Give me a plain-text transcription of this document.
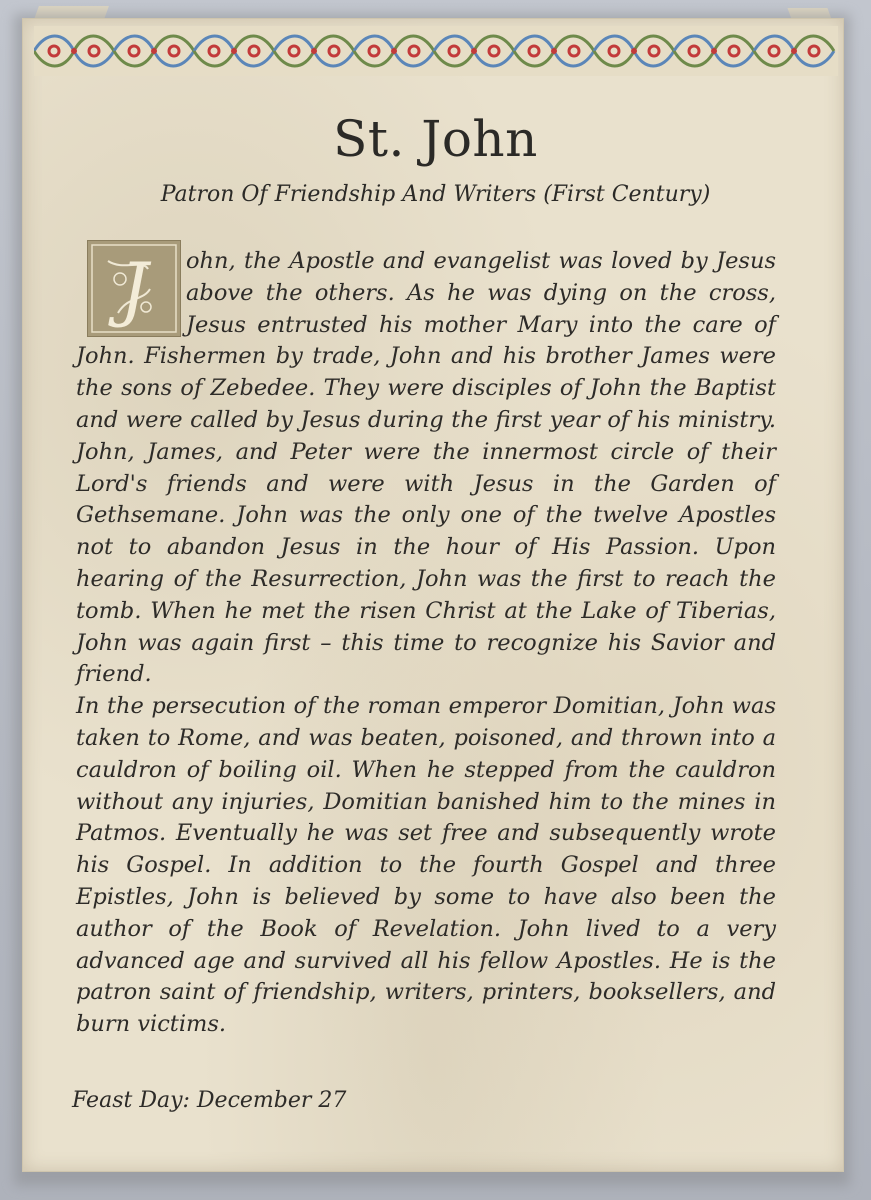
St. John
Patron Of Friendship And Writers (First Century)
J	ohn, the Apostle and evangelist was loved by Jesus above the others. As he was dying on the cross, Jesus entrusted his mother Mary into the care of John. Fishermen by trade, John and his brother James were the sons of Zebedee. They were disciples of John the Baptist and were called by Jesus during the first year of his ministry. John, James, and Peter were the innermost circle of their Lord's friends and were with Jesus in the Garden of Gethsemane. John was the only one of the twelve Apostles not to abandon Jesus in the hour of His Passion. Upon hearing of the Resurrection, John was the first to reach the tomb. When he met the risen Christ at the Lake of Tiberias, John was again first – this time to recognize his Savior and friend.

In the persecution of the roman emperor Domitian, John was taken to Rome, and was beaten, poisoned, and thrown into a cauldron of boiling oil. When he stepped from the cauldron without any injuries, Domitian banished him to the mines in Patmos. Eventually he was set free and subsequently wrote his Gospel. In addition to the fourth Gospel and three Epistles, John is believed by some to have also been the author of the Book of Revelation. John lived to a very advanced age and survived all his fellow Apostles. He is the patron saint of friendship, writers, printers, booksellers, and burn victims.

Feast Day: December 27
